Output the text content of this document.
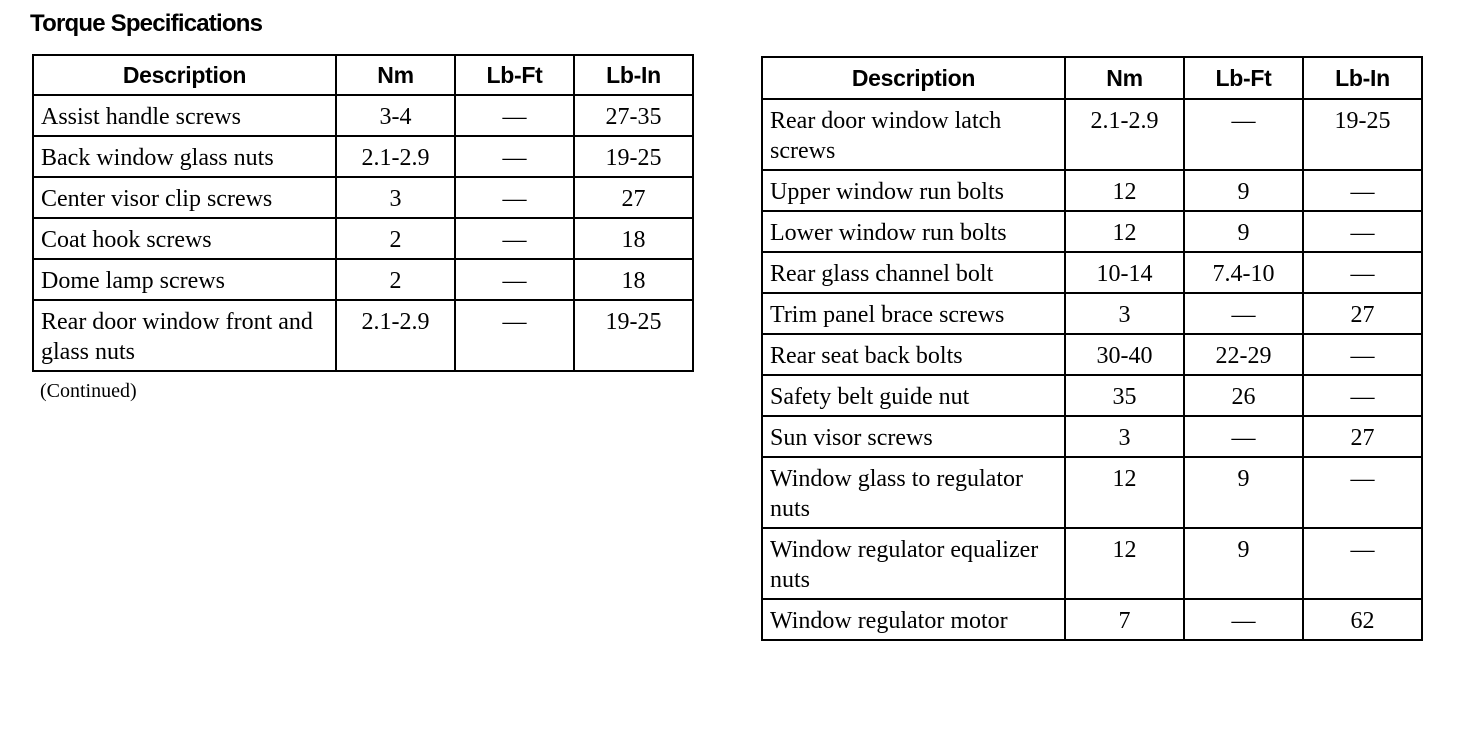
Torque Specifications
Description	Nm	Lb-Ft	Lb-In
Assist handle screws	3-4	—	27-35
Back window glass nuts	2.1-2.9	—	19-25
Center visor clip screws	3	—	27
Coat hook screws	2	—	18
Dome lamp screws	2	—	18
Rear door window front and glass nuts	2.1-2.9	—	19-25

(Continued)

Description	Nm	Lb-Ft	Lb-In
Rear door window latch screws	2.1-2.9	—	19-25
Upper window run bolts	12	9	—
Lower window run bolts	12	9	—
Rear glass channel bolt	10-14	7.4-10	—
Trim panel brace screws	3	—	27
Rear seat back bolts	30-40	22-29	—
Safety belt guide nut	35	26	—
Sun visor screws	3	—	27
Window glass to regulator nuts	12	9	—
Window regulator equalizer nuts	12	9	—
Window regulator motor	7	—	62
